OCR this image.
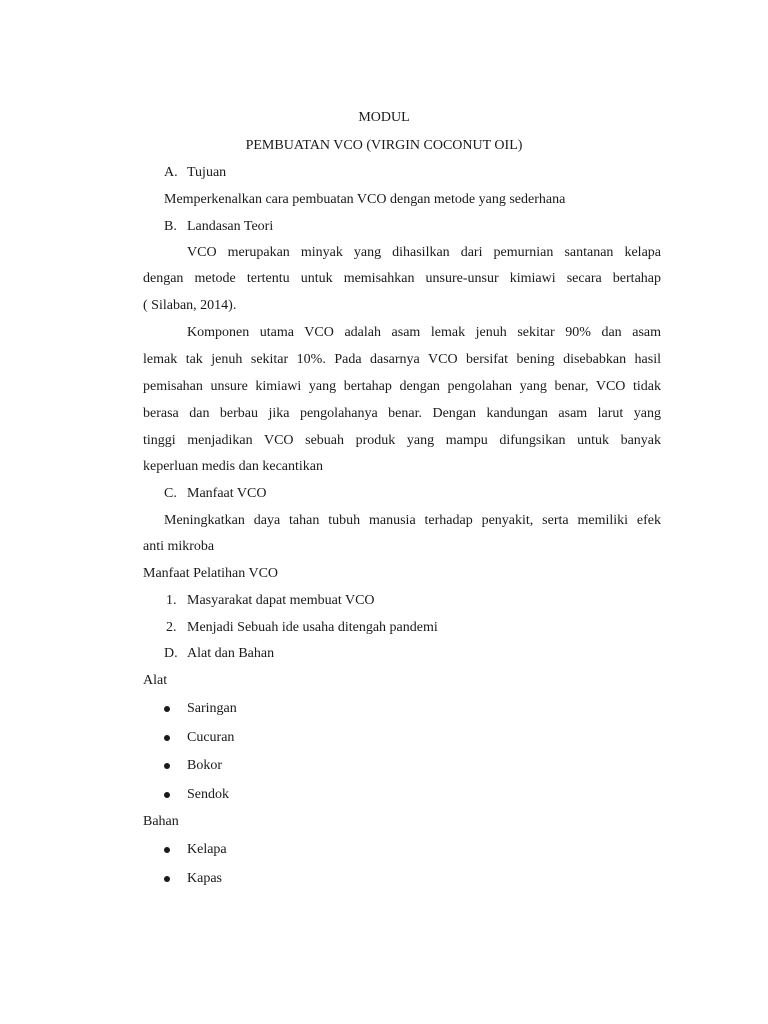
MODUL
PEMBUATAN VCO (VIRGIN COCONUT OIL)
A. Tujuan
Memperkenalkan cara pembuatan VCO dengan metode yang sederhana
B. Landasan Teori
VCO merupakan minyak yang dihasilkan dari pemurnian santanan kelapa
dengan metode tertentu untuk memisahkan unsure-unsur kimiawi secara bertahap
( Silaban, 2014).
Komponen utama VCO adalah asam lemak jenuh sekitar 90% dan asam
lemak tak jenuh sekitar 10%. Pada dasarnya VCO bersifat bening disebabkan hasil
pemisahan unsure kimiawi yang bertahap dengan pengolahan yang benar, VCO tidak
berasa dan berbau jika pengolahanya benar. Dengan kandungan asam larut yang
tinggi menjadikan VCO sebuah produk yang mampu difungsikan untuk banyak
keperluan medis dan kecantikan
C. Manfaat VCO
Meningkatkan daya tahan tubuh manusia terhadap penyakit, serta memiliki efek
anti mikroba
Manfaat Pelatihan VCO
1. Masyarakat dapat membuat VCO
2. Menjadi Sebuah ide usaha ditengah pandemi
D. Alat dan Bahan
Alat
Saringan
Cucuran
Bokor
Sendok
Bahan
Kelapa
Kapas
